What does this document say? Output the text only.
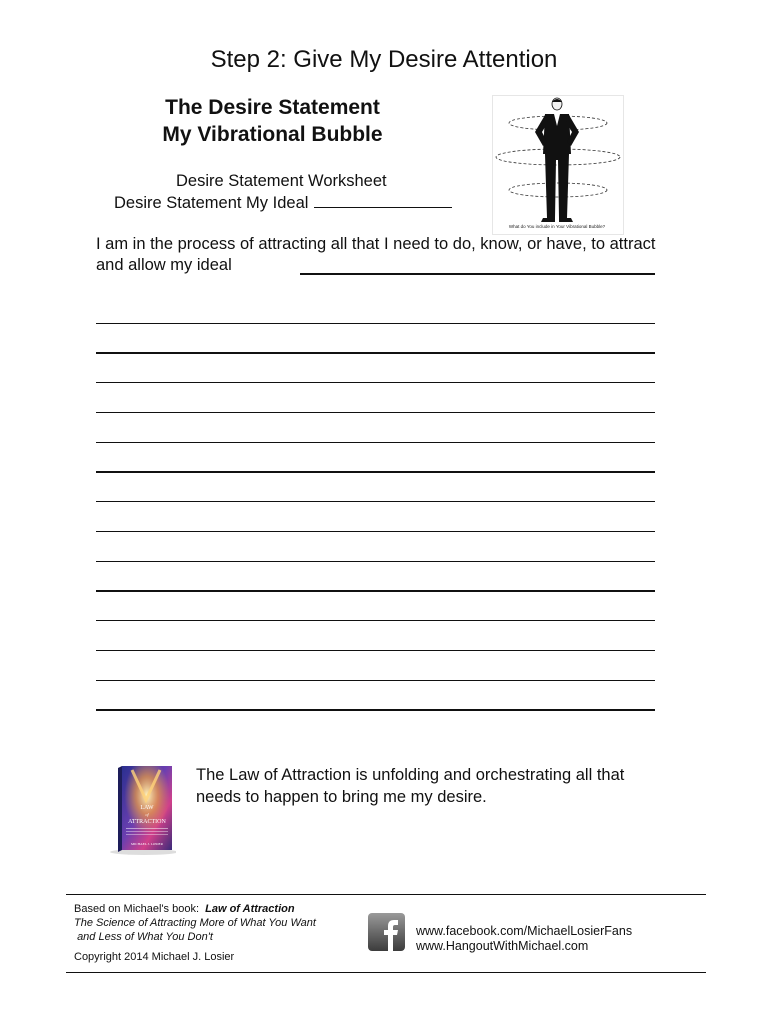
Step 2: Give My Desire Attention
The Desire Statement
My Vibrational Bubble
Desire Statement Worksheet
Desire Statement My Ideal
What do You include in Your Vibrational Bubble?
I am in the process of attracting all that I need to do, know, or have, to attract and allow my ideal
LAW
of
ATTRACTION
MICHAEL J. LOSIER
The Law of Attraction is unfolding and orchestrating all that needs to happen to bring me my desire.
Based on Michael's book: Law of Attraction
The Science of Attracting More of What You Want
and Less of What You Don't
Copyright 2014 Michael J. Losier
www.facebook.com/MichaelLosierFans
www.HangoutWithMichael.com
